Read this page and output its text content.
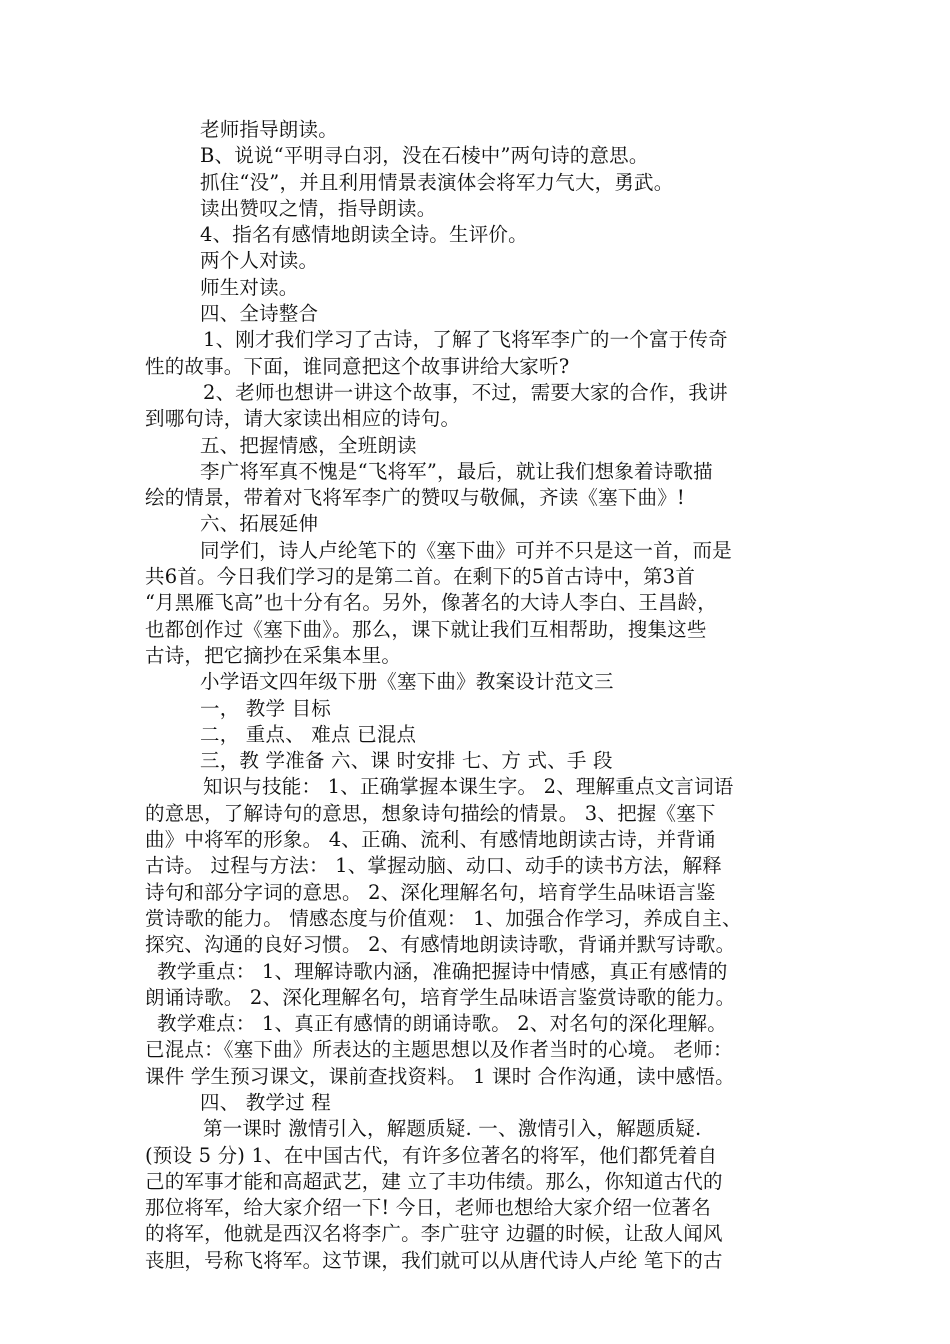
老师指导朗读。

B、说说“平明寻白羽，没在石棱中”两句诗的意思。

抓住“没”，并且利用情景表演体会将军力气大，勇武。

读出赞叹之情，指导朗读。

4、指名有感情地朗读全诗。生评价。

两个人对读。

师生对读。

四、全诗整合

1、刚才我们学习了古诗，了解了飞将军李广的一个富于传奇

性的故事。下面，谁同意把这个故事讲给大家听?

2、老师也想讲一讲这个故事，不过，需要大家的合作，我讲

到哪句诗，请大家读出相应的诗句。

五、把握情感，全班朗读

李广将军真不愧是“飞将军”，最后，就让我们想象着诗歌描

绘的情景，带着对飞将军李广的赞叹与敬佩，齐读《塞下曲》!

六、拓展延伸

同学们，诗人卢纶笔下的《塞下曲》可并不只是这一首，而是

共6首。今日我们学习的是第二首。在剩下的5首古诗中，第3首

“月黑雁飞高”也十分有名。另外，像著名的大诗人李白、王昌龄，

也都创作过《塞下曲》。那么，课下就让我们互相帮助，搜集这些

古诗，把它摘抄在采集本里。

小学语文四年级下册《塞下曲》教案设计范文三

一， 教学 目标

二， 重点、 难点 已混点

三，教 学准备 六、课 时安排 七、方 式、手 段

知识与技能： 1、正确掌握本课生字。 2、理解重点文言词语

的意思，了解诗句的意思，想象诗句描绘的情景。 3、把握《塞下

曲》中将军的形象。 4、正确、流利、有感情地朗读古诗，并背诵

古诗。 过程与方法： 1、掌握动脑、动口、动手的读书方法，解释

诗句和部分字词的意思。 2、深化理解名句，培育学生品味语言鉴

赏诗歌的能力。 情感态度与价值观： 1、加强合作学习，养成自主、

探究、沟通的良好习惯。 2、有感情地朗读诗歌，背诵并默写诗歌。

教学重点： 1、理解诗歌内涵，准确把握诗中情感，真正有感情的

朗诵诗歌。 2、深化理解名句，培育学生品味语言鉴赏诗歌的能力。

教学难点： 1、真正有感情的朗诵诗歌。 2、对名句的深化理解。

已混点：《塞下曲》所表达的主题思想以及作者当时的心境。 老师：

课件 学生预习课文，课前查找资料。 1 课时 合作沟通，读中感悟。

四、 教学过 程

第一课时 激情引入，解题质疑. 一、激情引入，解题质疑.

(预设 5 分) 1、在中国古代，有许多位著名的将军，他们都凭着自

己的军事才能和高超武艺，建 立了丰功伟绩。那么，你知道古代的

那位将军，给大家介绍一下! 今日，老师也想给大家介绍一位著名

的将军，他就是西汉名将李广。李广驻守 边疆的时候，让敌人闻风

丧胆，号称飞将军。这节课，我们就可以从唐代诗人卢纶 笔下的古
